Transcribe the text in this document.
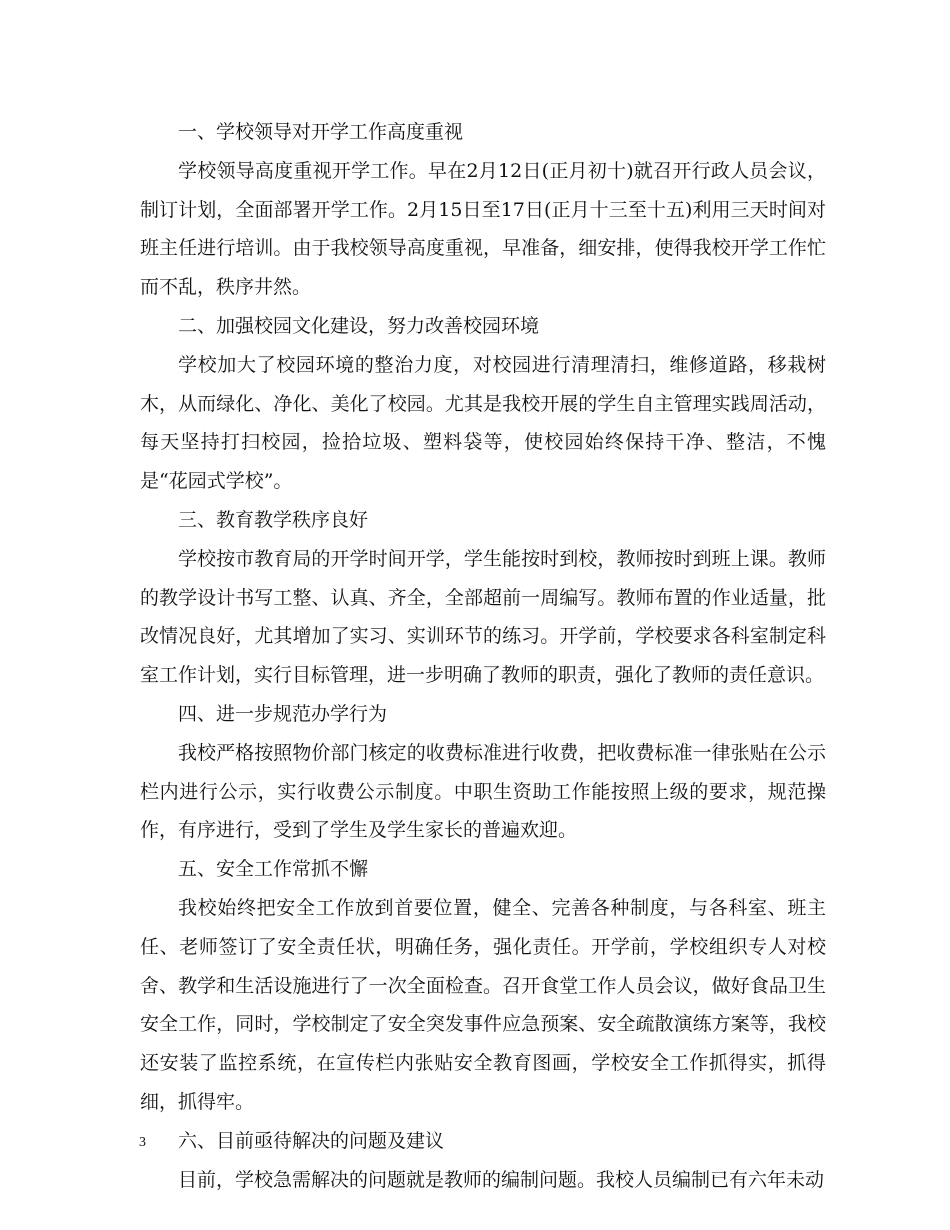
一、学校领导对开学工作高度重视

学校领导高度重视开学工作。早在2月12日(正月初十)就召开行政人员会议，制订计划，全面部署开学工作。2月15日至17日(正月十三至十五)利用三天时间对班主任进行培训。由于我校领导高度重视，早准备，细安排，使得我校开学工作忙而不乱，秩序井然。

二、加强校园文化建设，努力改善校园环境

学校加大了校园环境的整治力度，对校园进行清理清扫，维修道路，移栽树木，从而绿化、净化、美化了校园。尤其是我校开展的学生自主管理实践周活动，每天坚持打扫校园，捡拾垃圾、塑料袋等，使校园始终保持干净、整洁，不愧是“花园式学校”。

三、教育教学秩序良好

学校按市教育局的开学时间开学，学生能按时到校，教师按时到班上课。教师的教学设计书写工整、认真、齐全，全部超前一周编写。教师布置的作业适量，批改情况良好，尤其增加了实习、实训环节的练习。开学前，学校要求各科室制定科室工作计划，实行目标管理，进一步明确了教师的职责，强化了教师的责任意识。

四、进一步规范办学行为

我校严格按照物价部门核定的收费标准进行收费，把收费标准一律张贴在公示栏内进行公示，实行收费公示制度。中职生资助工作能按照上级的要求，规范操作，有序进行，受到了学生及学生家长的普遍欢迎。

五、安全工作常抓不懈

我校始终把安全工作放到首要位置，健全、完善各种制度，与各科室、班主任、老师签订了安全责任状，明确任务，强化责任。开学前，学校组织专人对校舍、教学和生活设施进行了一次全面检查。召开食堂工作人员会议，做好食品卫生安全工作，同时，学校制定了安全突发事件应急预案、安全疏散演练方案等，我校还安装了监控系统，在宣传栏内张贴安全教育图画，学校安全工作抓得实，抓得细，抓得牢。

六、目前亟待解决的问题及建议

目前，学校急需解决的问题就是教师的编制问题。我校人员编制已有六年未动

3
